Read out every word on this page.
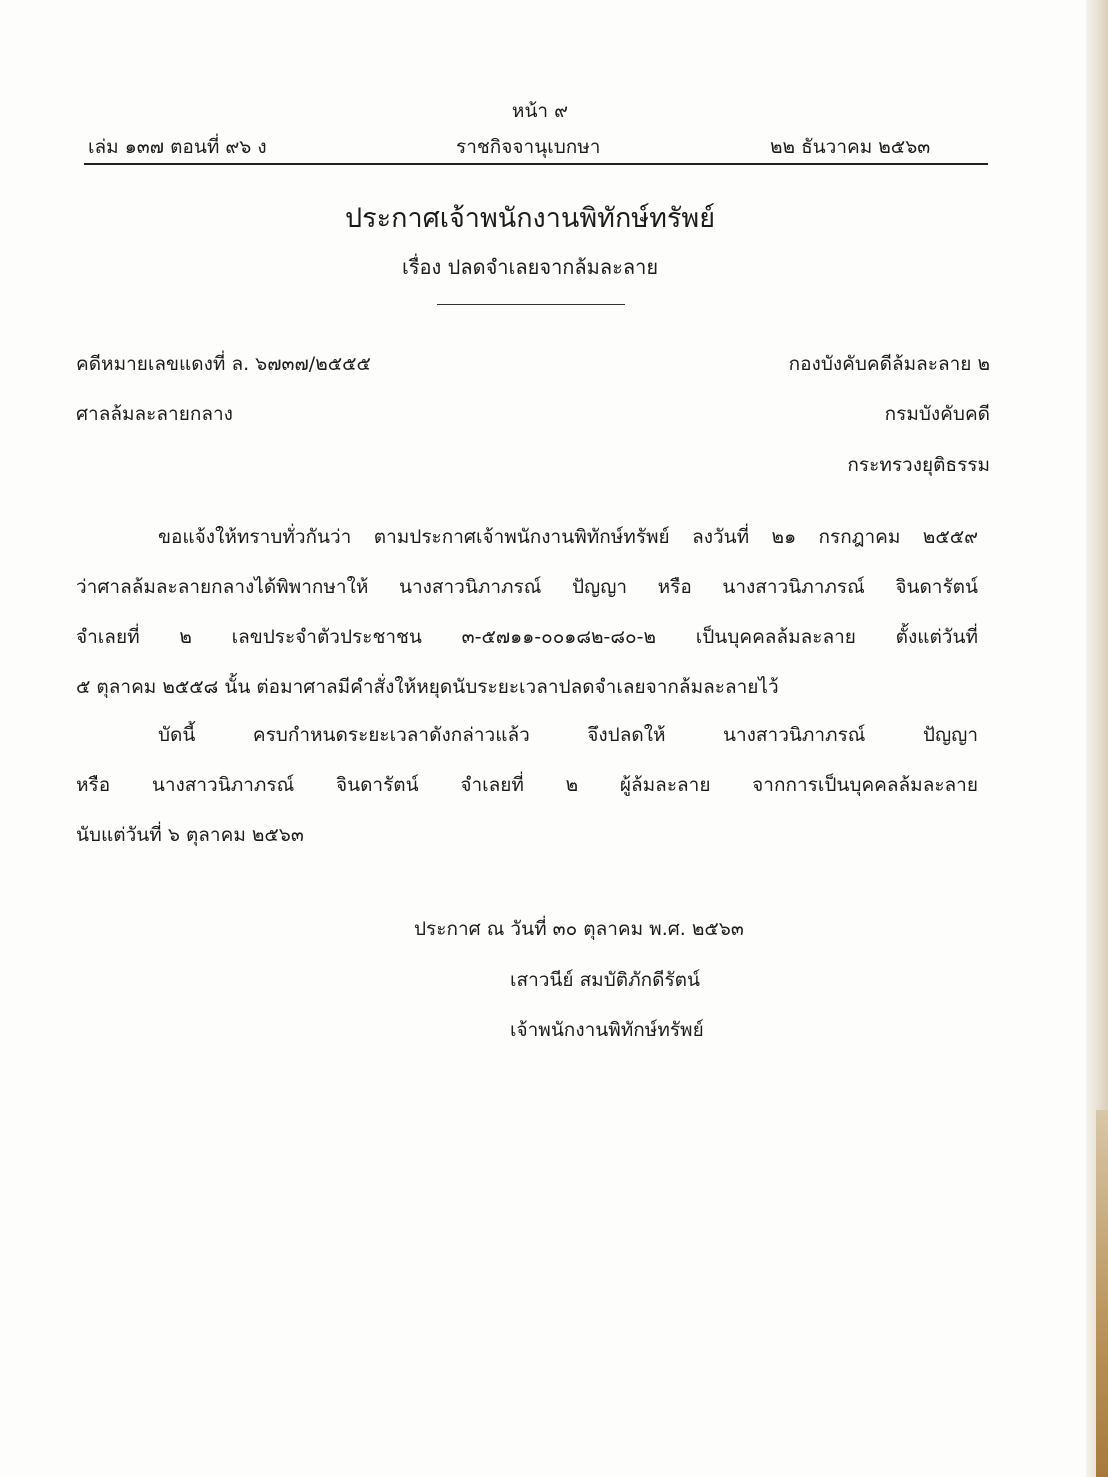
หน้า ๙
เล่ม ๑๓๗ ตอนที่ ๙๖ ง	ราชกิจจานุเบกษา	๒๒ ธันวาคม ๒๕๖๓
ประกาศเจ้าพนักงานพิทักษ์ทรัพย์
เรื่อง ปลดจำเลยจากล้มละลาย
คดีหมายเลขแดงที่ ล. ๖๗๓๗/๒๕๕๕
ศาลล้มละลายกลาง
กองบังคับคดีล้มละลาย ๒
กรมบังคับคดี
กระทรวงยุติธรรม
ขอแจ้งให้ทราบทั่วกันว่า ตามประกาศเจ้าพนักงานพิทักษ์ทรัพย์ ลงวันที่ ๒๑ กรกฎาคม ๒๕๕๙
ว่าศาลล้มละลายกลางได้พิพากษาให้ นางสาวนิภาภรณ์ ปัญญา หรือ นางสาวนิภาภรณ์ จินดารัตน์
จำเลยที่ ๒ เลขประจำตัวประชาชน ๓-๕๗๑๑-๐๐๑๘๒-๘๐-๒ เป็นบุคคลล้มละลาย ตั้งแต่วันที่
๕ ตุลาคม ๒๕๕๘ นั้น ต่อมาศาลมีคำสั่งให้หยุดนับระยะเวลาปลดจำเลยจากล้มละลายไว้
บัดนี้ ครบกำหนดระยะเวลาดังกล่าวแล้ว จึงปลดให้ นางสาวนิภาภรณ์ ปัญญา
หรือ นางสาวนิภาภรณ์ จินดารัตน์ จำเลยที่ ๒ ผู้ล้มละลาย จากการเป็นบุคคลล้มละลาย
นับแต่วันที่ ๖ ตุลาคม ๒๕๖๓
ประกาศ ณ วันที่ ๓๐ ตุลาคม พ.ศ. ๒๕๖๓
เสาวนีย์ สมบัติภักดีรัตน์
เจ้าพนักงานพิทักษ์ทรัพย์
